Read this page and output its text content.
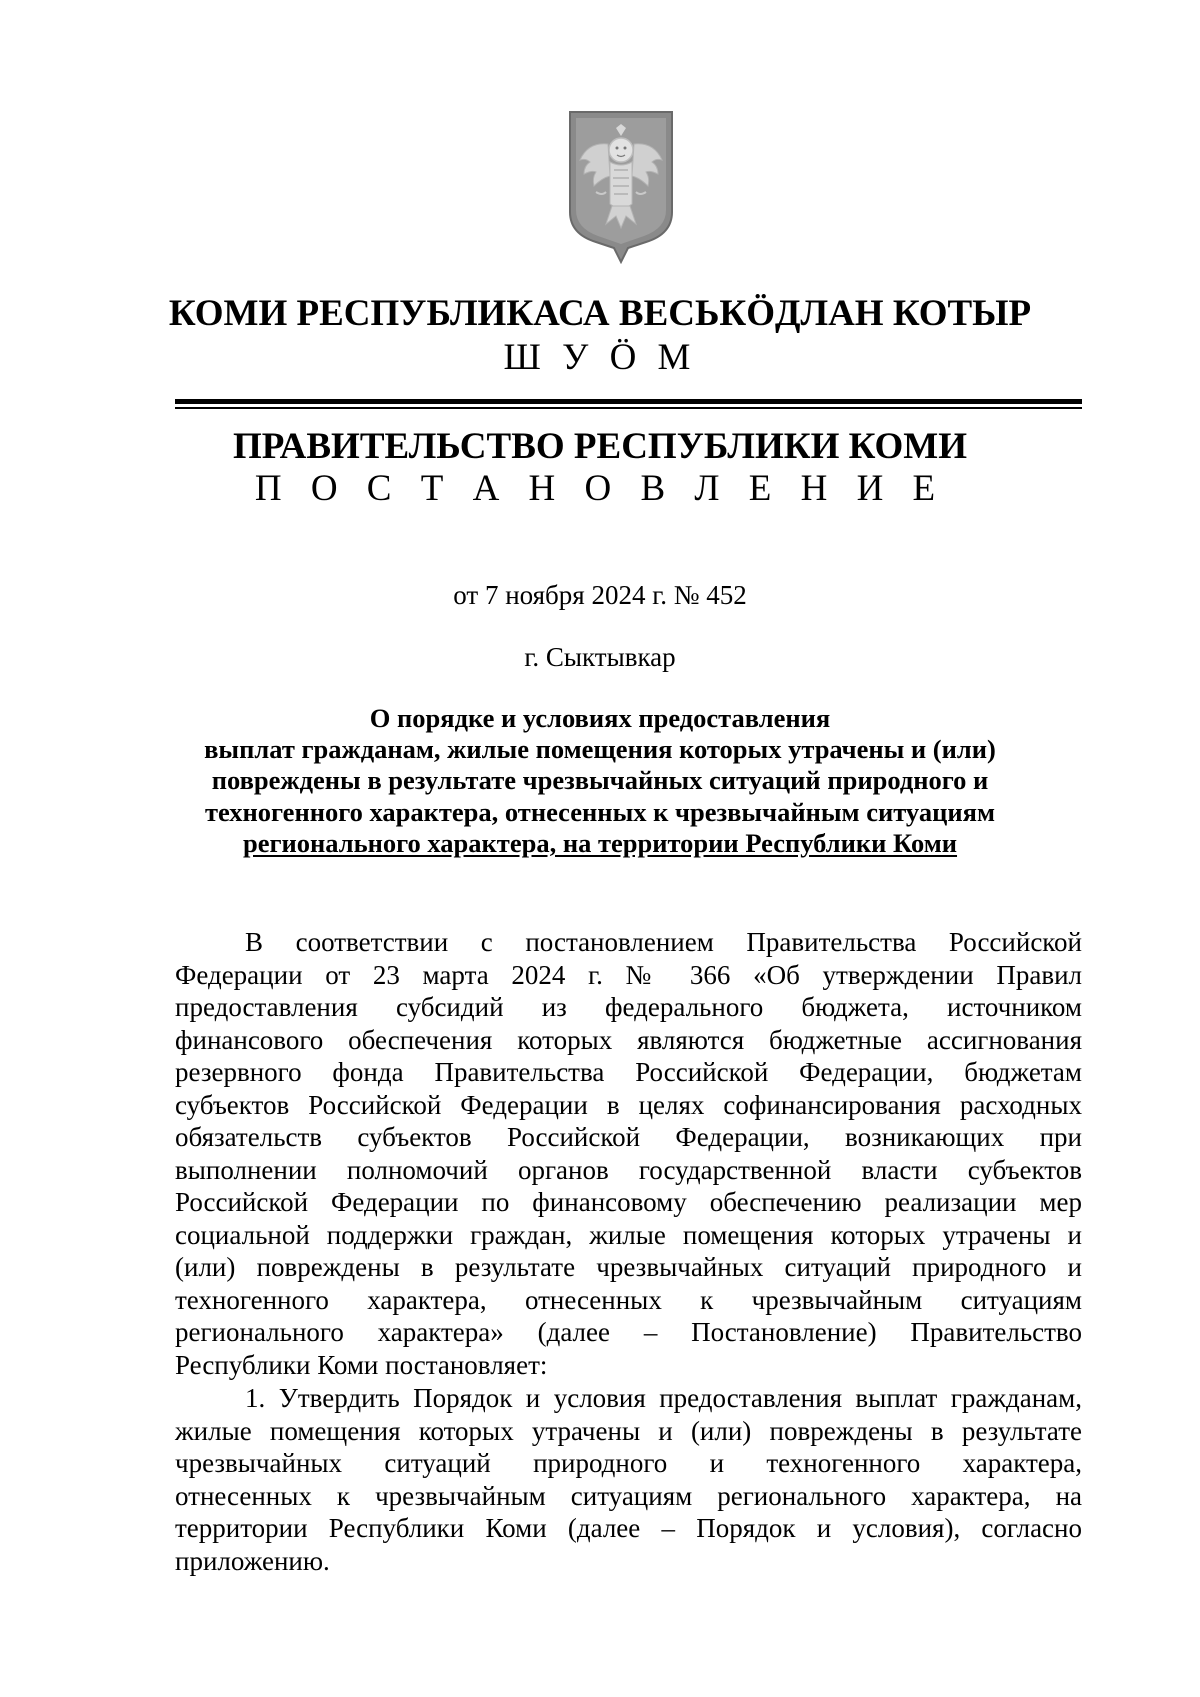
КОМИ РЕСПУБЛИКАСА ВЕСЬКӦДЛАН КОТЫР
Ш У Ӧ М
ПРАВИТЕЛЬСТВО РЕСПУБЛИКИ КОМИ
П О С Т А Н О В Л Е Н И Е
от 7 ноября 2024 г. № 452
г. Сыктывкар
О порядке и условиях предоставления
выплат гражданам, жилые помещения которых утрачены и (или)
повреждены в результате чрезвычайных ситуаций природного и
техногенного характера, отнесенных к чрезвычайным ситуациям
регионального характера, на территории Республики Коми
В соответствии с постановлением Правительства Российской
Федерации от 23 марта 2024 г. № 366 «Об утверждении Правил
предоставления субсидий из федерального бюджета, источником
финансового обеспечения которых являются бюджетные ассигнования
резервного фонда Правительства Российской Федерации, бюджетам
субъектов Российской Федерации в целях софинансирования расходных
обязательств субъектов Российской Федерации, возникающих при
выполнении полномочий органов государственной власти субъектов
Российской Федерации по финансовому обеспечению реализации мер
социальной поддержки граждан, жилые помещения которых утрачены и
(или) повреждены в результате чрезвычайных ситуаций природного и
техногенного характера, отнесенных к чрезвычайным ситуациям
регионального характера» (далее – Постановление) Правительство
Республики Коми постановляет:
1. Утвердить Порядок и условия предоставления выплат гражданам,
жилые помещения которых утрачены и (или) повреждены в результате
чрезвычайных ситуаций природного и техногенного характера,
отнесенных к чрезвычайным ситуациям регионального характера, на
территории Республики Коми (далее – Порядок и условия), согласно
приложению.
